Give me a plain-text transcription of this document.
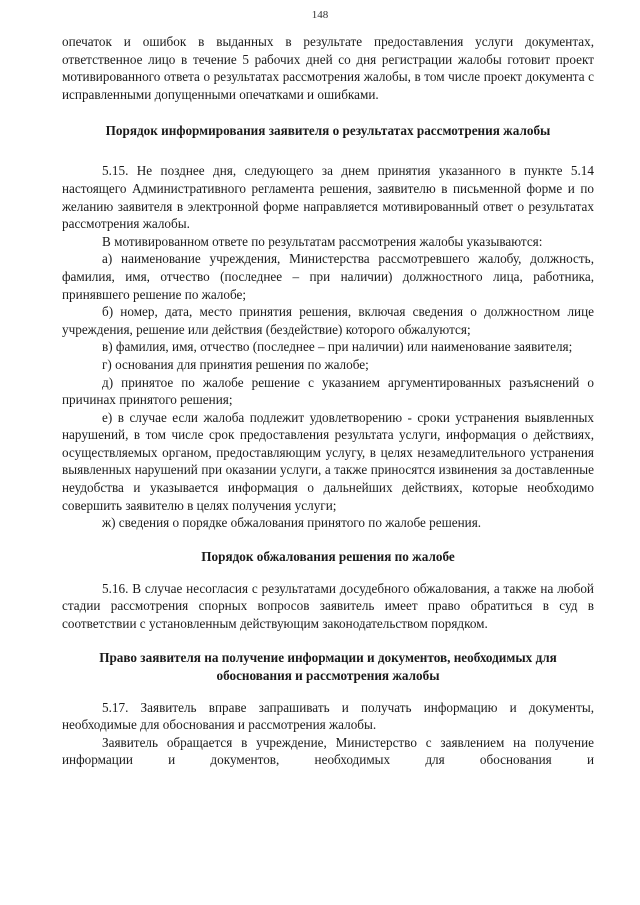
148

опечаток и ошибок в выданных в результате предоставления услуги документах, ответственное лицо в течение 5 рабочих дней со дня регистрации жалобы готовит проект мотивированного ответа о результатах рассмотрения жалобы, в том числе проект документа с исправленными допущенными опечатками и ошибками.

Порядок информирования заявителя о результатах рассмотрения жалобы

5.15. Не позднее дня, следующего за днем принятия указанного в пункте 5.14 настоящего Административного регламента решения, заявителю в письменной форме и по желанию заявителя в электронной форме направляется мотивированный ответ о результатах рассмотрения жалобы.

В мотивированном ответе по результатам рассмотрения жалобы указываются:

а) наименование учреждения, Министерства рассмотревшего жалобу, должность, фамилия, имя, отчество (последнее – при наличии) должностного лица, работника, принявшего решение по жалобе;

б) номер, дата, место принятия решения, включая сведения о должностном лице учреждения, решение или действия (бездействие) которого обжалуются;

в) фамилия, имя, отчество (последнее – при наличии) или наименование заявителя;

г) основания для принятия решения по жалобе;

д) принятое по жалобе решение с указанием аргументированных разъяснений о причинах принятого решения;

е) в случае если жалоба подлежит удовлетворению - сроки устранения выявленных нарушений, в том числе срок предоставления результата услуги, информация о действиях, осуществляемых органом, предоставляющим услугу, в целях незамедлительного устранения выявленных нарушений при оказании услуги, а также приносятся извинения за доставленные неудобства и указывается информация о дальнейших действиях, которые необходимо совершить заявителю в целях получения услуги;

ж) сведения о порядке обжалования принятого по жалобе решения.

Порядок обжалования решения по жалобе

5.16. В случае несогласия с результатами досудебного обжалования, а также на любой стадии рассмотрения спорных вопросов заявитель имеет право обратиться в суд в соответствии с установленным действующим законодательством порядком.

Право заявителя на получение информации и документов, необходимых для обоснования и рассмотрения жалобы

5.17. Заявитель вправе запрашивать и получать информацию и документы, необходимые для обоснования и рассмотрения жалобы.

Заявитель обращается в учреждение, Министерство с заявлением на получение информации и документов, необходимых для обоснования и
